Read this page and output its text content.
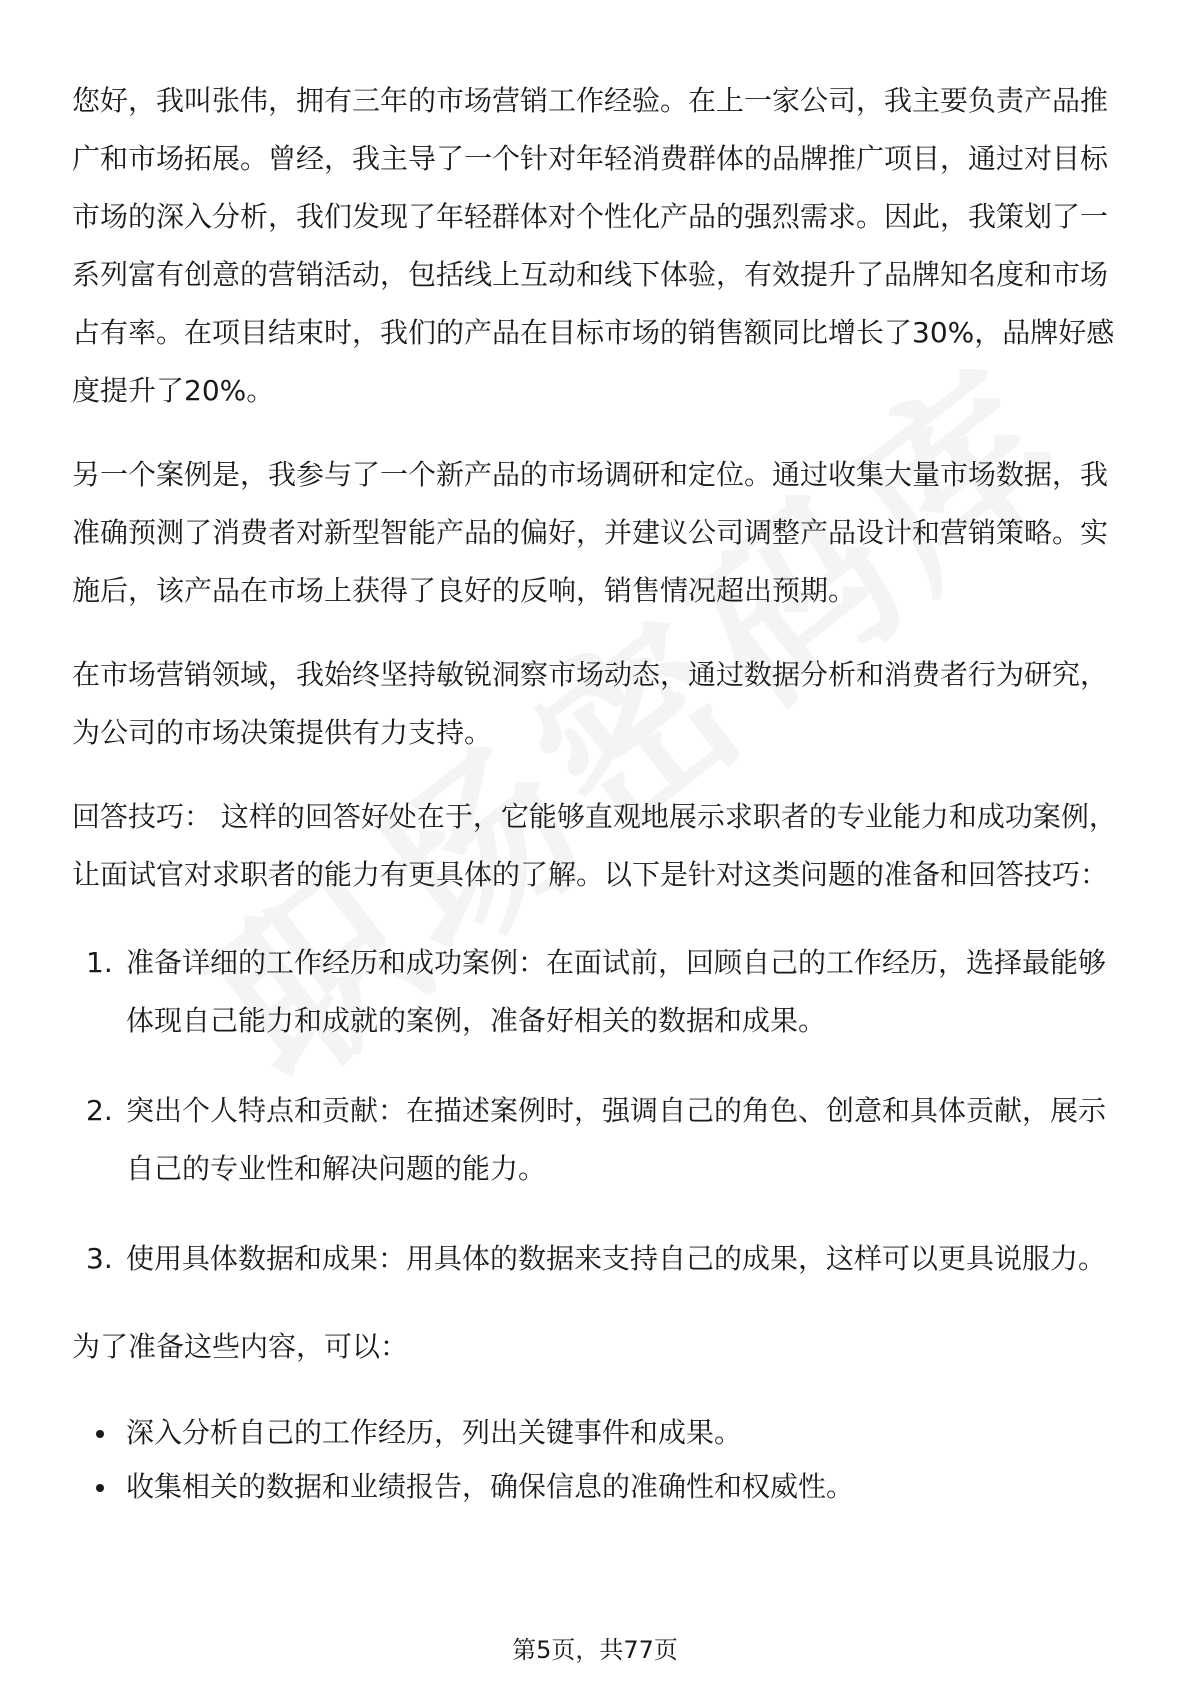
您好，我叫张伟，拥有三年的市场营销工作经验。在上一家公司，我主要负责产品推广和市场拓展。曾经，我主导了一个针对年轻消费群体的品牌推广项目，通过对目标市场的深入分析，我们发现了年轻群体对个性化产品的强烈需求。因此，我策划了一系列富有创意的营销活动，包括线上互动和线下体验，有效提升了品牌知名度和市场占有率。在项目结束时，我们的产品在目标市场的销售额同比增长了30%，品牌好感度提升了20%。

另一个案例是，我参与了一个新产品的市场调研和定位。通过收集大量市场数据，我准确预测了消费者对新型智能产品的偏好，并建议公司调整产品设计和营销策略。实施后，该产品在市场上获得了良好的反响，销售情况超出预期。

在市场营销领域，我始终坚持敏锐洞察市场动态，通过数据分析和消费者行为研究，为公司的市场决策提供有力支持。

回答技巧： 这样的回答好处在于，它能够直观地展示求职者的专业能力和成功案例，让面试官对求职者的能力有更具体的了解。以下是针对这类问题的准备和回答技巧：

1. 准备详细的工作经历和成功案例：在面试前，回顾自己的工作经历，选择最能够体现自己能力和成就的案例，准备好相关的数据和成果。
2. 突出个人特点和贡献：在描述案例时，强调自己的角色、创意和具体贡献，展示自己的专业性和解决问题的能力。
3. 使用具体数据和成果：用具体的数据来支持自己的成果，这样可以更具说服力。

为了准备这些内容，可以：

深入分析自己的工作经历，列出关键事件和成果。
收集相关的数据和业绩报告，确保信息的准确性和权威性。
第5页，共77页
